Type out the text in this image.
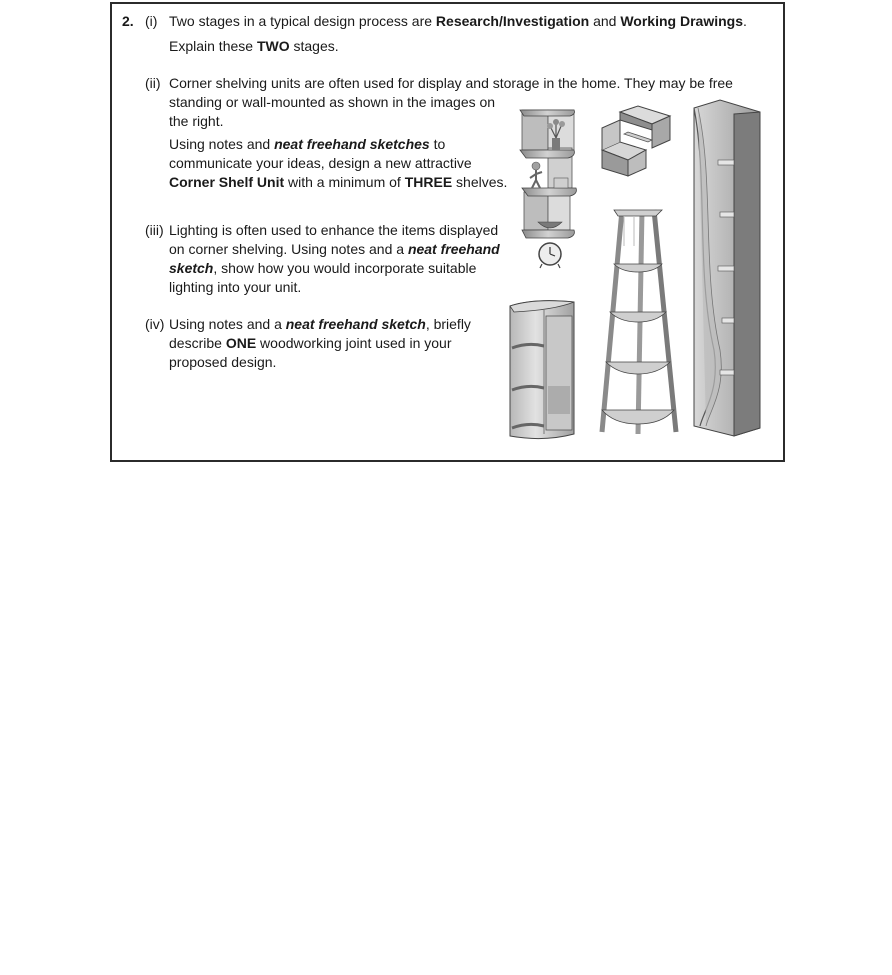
2. (i) Two stages in a typical design process are Research/Investigation and Working Drawings.
Explain these TWO stages.
(ii) Corner shelving units are often used for display and storage in the home. They may be free
standing or wall-mounted as shown in the images on
the right.
Using notes and neat freehand sketches to
communicate your ideas, design a new attractive
Corner Shelf Unit with a minimum of THREE shelves.
(iii) Lighting is often used to enhance the items displayed
on corner shelving. Using notes and a neat freehand
sketch, show how you would incorporate suitable
lighting into your unit.
(iv) Using notes and a neat freehand sketch, briefly
describe ONE woodworking joint used in your
proposed design.
